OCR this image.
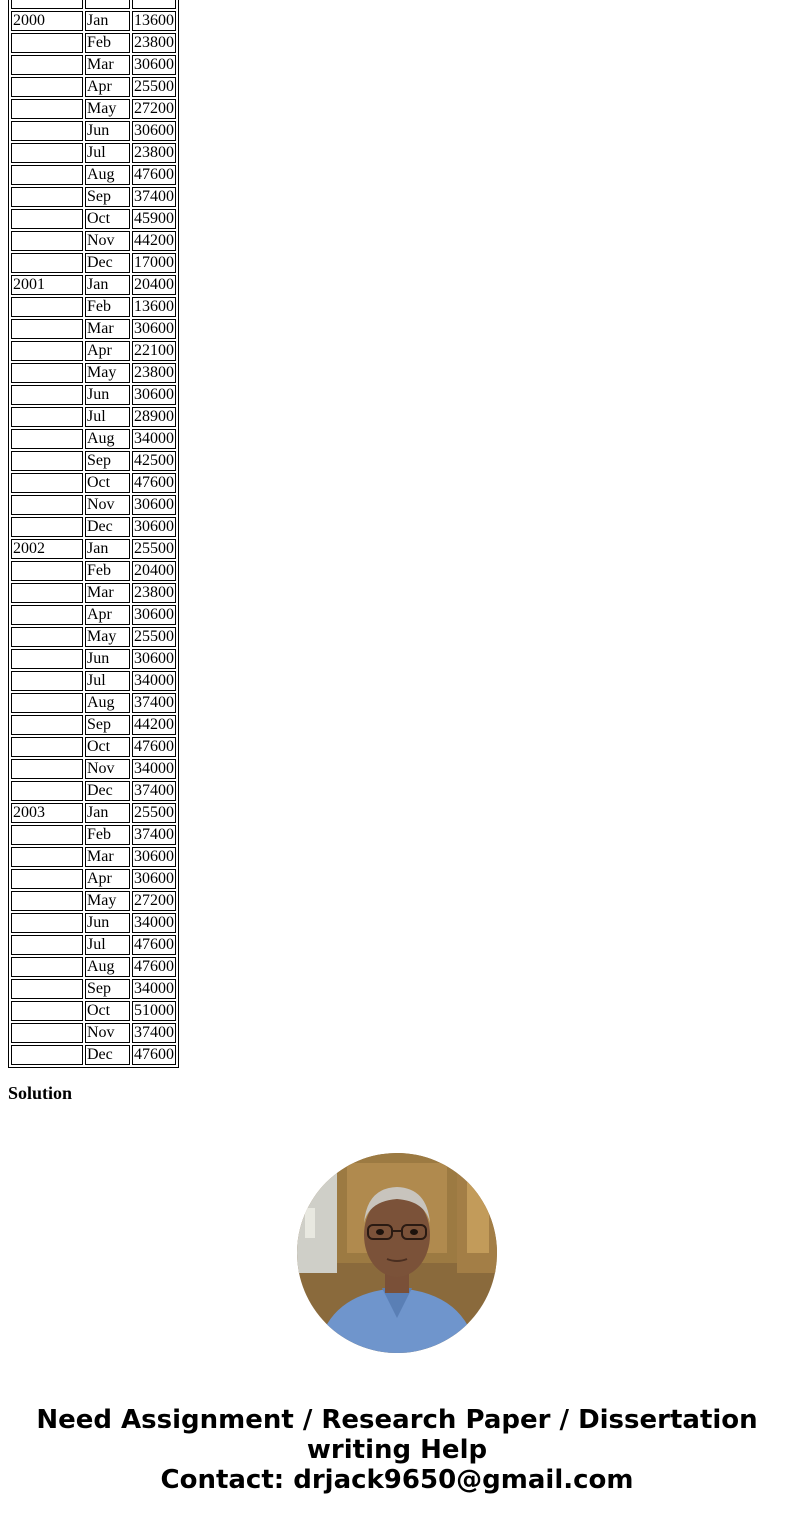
2000	Jan	13600
	Feb	23800
	Mar	30600
	Apr	25500
	May	27200
	Jun	30600
	Jul	23800
	Aug	47600
	Sep	37400
	Oct	45900
	Nov	44200
	Dec	17000
2001	Jan	20400
	Feb	13600
	Mar	30600
	Apr	22100
	May	23800
	Jun	30600
	Jul	28900
	Aug	34000
	Sep	42500
	Oct	47600
	Nov	30600
	Dec	30600
2002	Jan	25500
	Feb	20400
	Mar	23800
	Apr	30600
	May	25500
	Jun	30600
	Jul	34000
	Aug	37400
	Sep	44200
	Oct	47600
	Nov	34000
	Dec	37400
2003	Jan	25500
	Feb	37400
	Mar	30600
	Apr	30600
	May	27200
	Jun	34000
	Jul	47600
	Aug	47600
	Sep	34000
	Oct	51000
	Nov	37400
	Dec	47600
Solution
Need Assignment / Research Paper / Dissertation
writing Help
Contact: drjack9650@gmail.com
